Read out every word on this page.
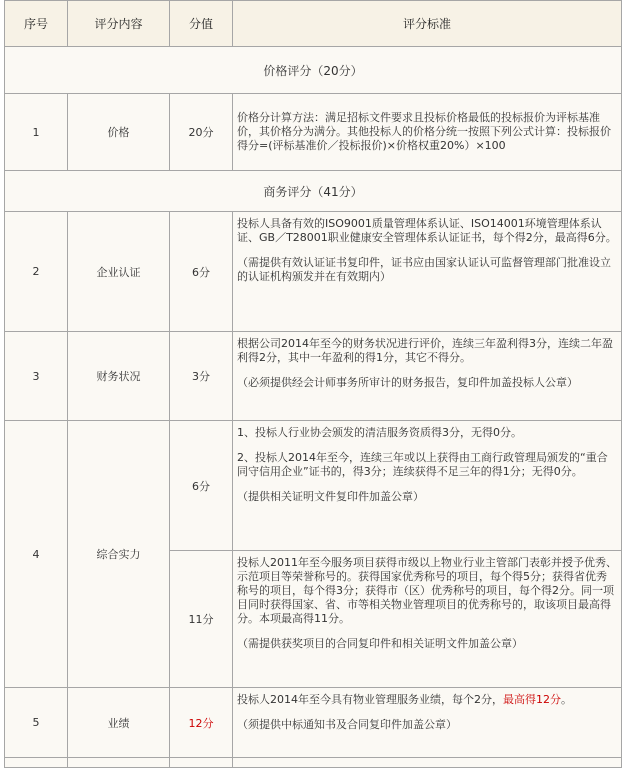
序号	评分内容	分值	评分标准
价格评分（20分）			
1	价格	20分	价格分计算方法：满足招标文件要求且投标价格最低的投标报价为评标基准价，其价格分为满分。其他投标人的价格分统一按照下列公式计算：投标报价得分=(评标基准价／投标报价)×价格权重20%）×100
商务评分（41分）			
2	企业认证	6分	投标人具备有效的ISO9001质量管理体系认证、ISO14001环境管理体系认证、GB／T28001职业健康安全管理体系认证证书，每个得2分，最高得6分。

（需提供有效认证证书复印件，证书应由国家认证认可监督管理部门批准设立的认证机构颁发并在有效期内）

3	财务状况	3分	根据公司2014年至今的财务状况进行评价，连续三年盈利得3分，连续二年盈利得2分，其中一年盈利的得1分，其它不得分。

（必须提供经会计师事务所审计的财务报告，复印件加盖投标人公章）

4	综合实力	6分	1、投标人行业协会颁发的清洁服务资质得3分，无得0分。

2、投标人2014年至今，连续三年或以上获得由工商行政管理局颁发的“重合同守信用企业”证书的，得3分；连续获得不足三年的得1分；无得0分。

（提供相关证明文件复印件加盖公章）

		11分	投标人2011年至今服务项目获得市级以上物业行业主管部门表彰并授予优秀、示范项目等荣誉称号的。获得国家优秀称号的项目，每个得5分；获得省优秀称号的项目，每个得3分；获得市（区）优秀称号的项目，每个得2分。同一项目同时获得国家、省、市等相关物业管理项目的优秀称号的，取该项目最高得分。本项最高得11分。

（需提供获奖项目的合同复印件和相关证明文件加盖公章）

5	业绩	12分	投标人2014年至今具有物业管理服务业绩，每个2分，最高得12分。

（须提供中标通知书及合同复印件加盖公章）
